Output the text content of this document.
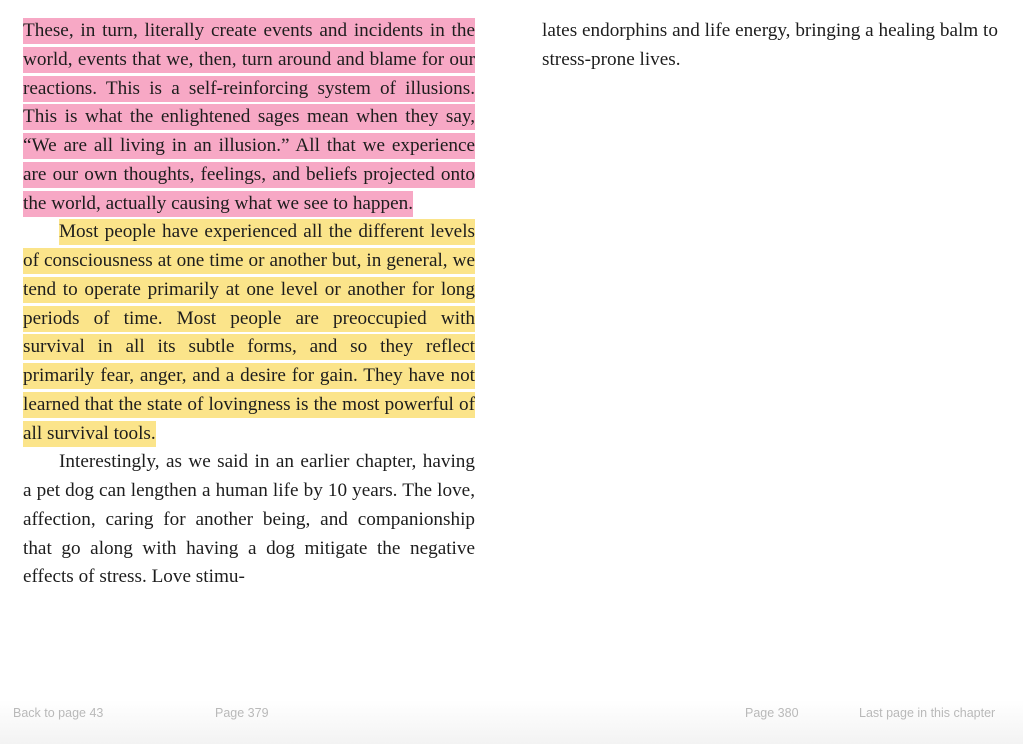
These, in turn, literally create events and incidents in the world, events that we, then, turn around and blame for our reactions. This is a self-reinforcing system of illusions. This is what the enlightened sages mean when they say, “We are all living in an illusion.” All that we experience are our own thoughts, feelings, and beliefs projected onto the world, actually causing what we see to happen.

Most people have experienced all the different levels of consciousness at one time or another but, in general, we tend to operate primarily at one level or another for long periods of time. Most people are preoccupied with survival in all its subtle forms, and so they reflect primarily fear, anger, and a desire for gain. They have not learned that the state of lovingness is the most powerful of all survival tools.

Interestingly, as we said in an earlier chapter, having a pet dog can lengthen a human life by 10 years. The love, affection, caring for another being, and companionship that go along with having a dog mitigate the negative effects of stress. Love stimu-

lates endorphins and life energy, bringing a healing balm to stress-prone lives.

Back to page 43	Page 379	Page 380	Last page in this chapter
